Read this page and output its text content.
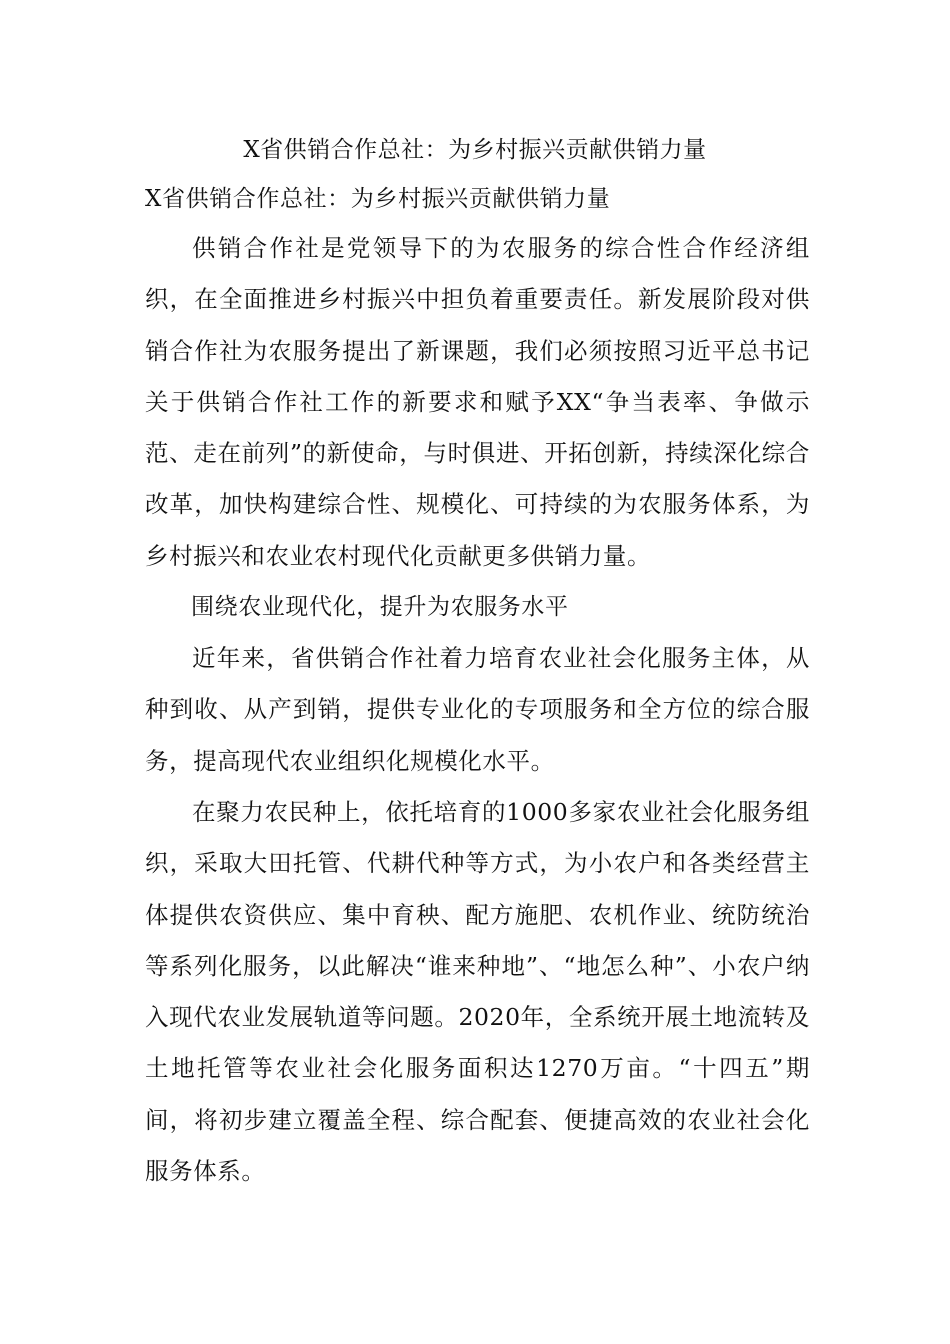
X省供销合作总社：为乡村振兴贡献供销力量

X省供销合作总社：为乡村振兴贡献供销力量

供销合作社是党领导下的为农服务的综合性合作经济组织，在全面推进乡村振兴中担负着重要责任。新发展阶段对供销合作社为农服务提出了新课题，我们必须按照习近平总书记关于供销合作社工作的新要求和赋予XX“争当表率、争做示范、走在前列”的新使命，与时俱进、开拓创新，持续深化综合改革，加快构建综合性、规模化、可持续的为农服务体系，为乡村振兴和农业农村现代化贡献更多供销力量。

围绕农业现代化，提升为农服务水平

近年来，省供销合作社着力培育农业社会化服务主体，从种到收、从产到销，提供专业化的专项服务和全方位的综合服务，提高现代农业组织化规模化水平。

在聚力农民种上，依托培育的1000多家农业社会化服务组织，采取大田托管、代耕代种等方式，为小农户和各类经营主体提供农资供应、集中育秧、配方施肥、农机作业、统防统治等系列化服务，以此解决“谁来种地”、“地怎么种”、小农户纳入现代农业发展轨道等问题。2020年，全系统开展土地流转及土地托管等农业社会化服务面积达1270万亩。“十四五”期间，将初步建立覆盖全程、综合配套、便捷高效的农业社会化服务体系。
